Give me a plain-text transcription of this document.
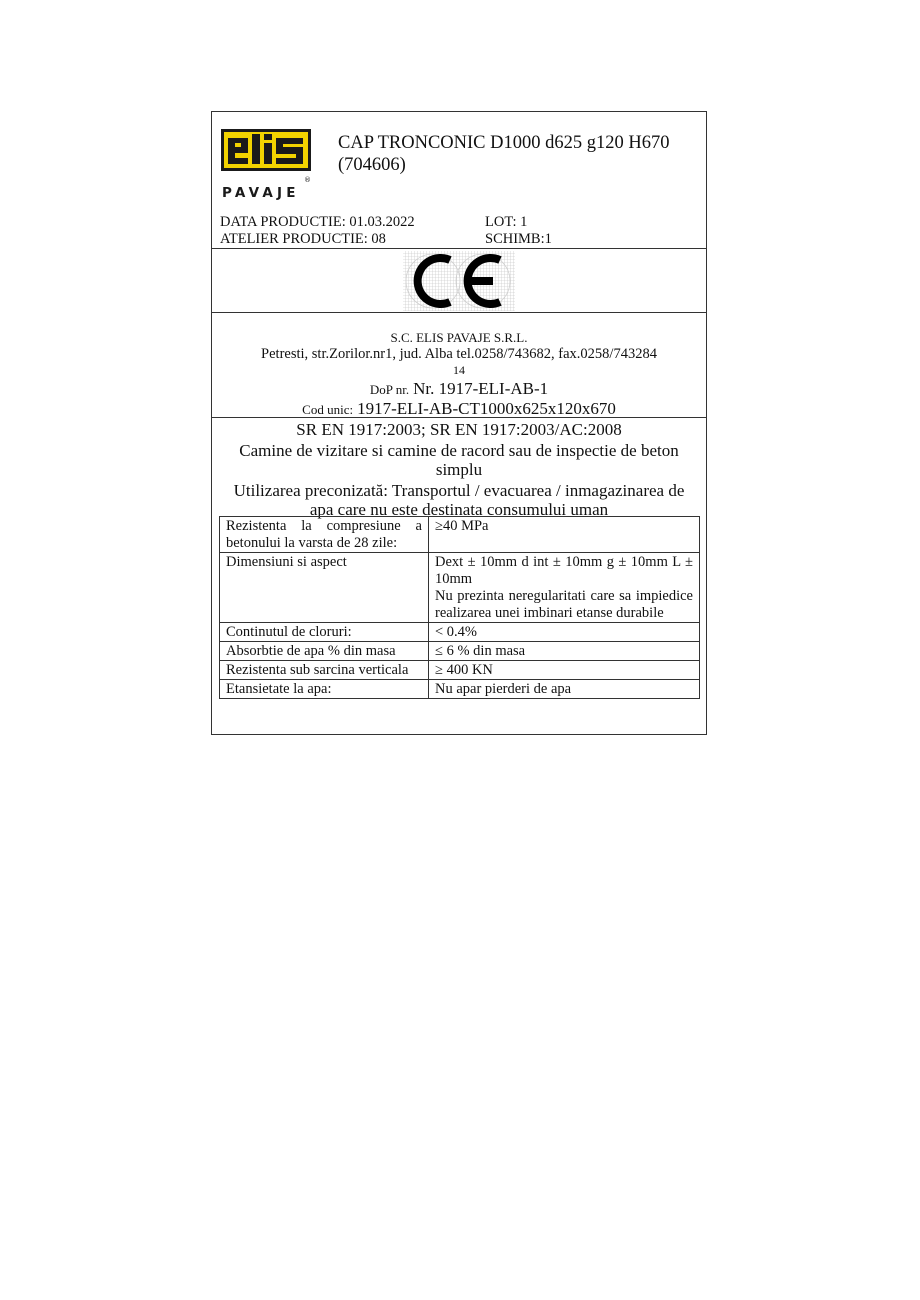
®
PAVAJE
CAP TRONCONIC D1000 d625 g120 H670 (704606)
DATA PRODUCTIE: 01.03.2022	LOT: 1
ATELIER PRODUCTIE: 08	SCHIMB:1
S.C. ELIS PAVAJE S.R.L.
Petresti, str.Zorilor.nr1, jud. Alba tel.0258/743682, fax.0258/743284
14
DoP nr. Nr. 1917-ELI-AB-1
Cod unic: 1917-ELI-AB-CT1000x625x120x670
SR EN 1917:2003; SR EN 1917:2003/AC:2008
Camine de vizitare si camine de racord sau de inspectie de beton
simplu
Utilizarea preconizată: Transportul / evacuarea / inmagazinarea de
apa care nu este destinata consumului uman
Rezistenta la compresiune a betonului la varsta de 28 zile:	≥40 MPa
Dimensiuni si aspect	Dext ± 10mm d int ± 10mm g ± 10mm L ± 10mm
Nu prezinta neregularitati care sa impiedice realizarea unei imbinari etanse durabile

Continutul de cloruri:	< 0.4%
Absorbtie de apa % din masa	≤ 6 % din masa
Rezistenta sub sarcina verticala	≥ 400 KN
Etansietate la apa:	Nu apar pierderi de apa
